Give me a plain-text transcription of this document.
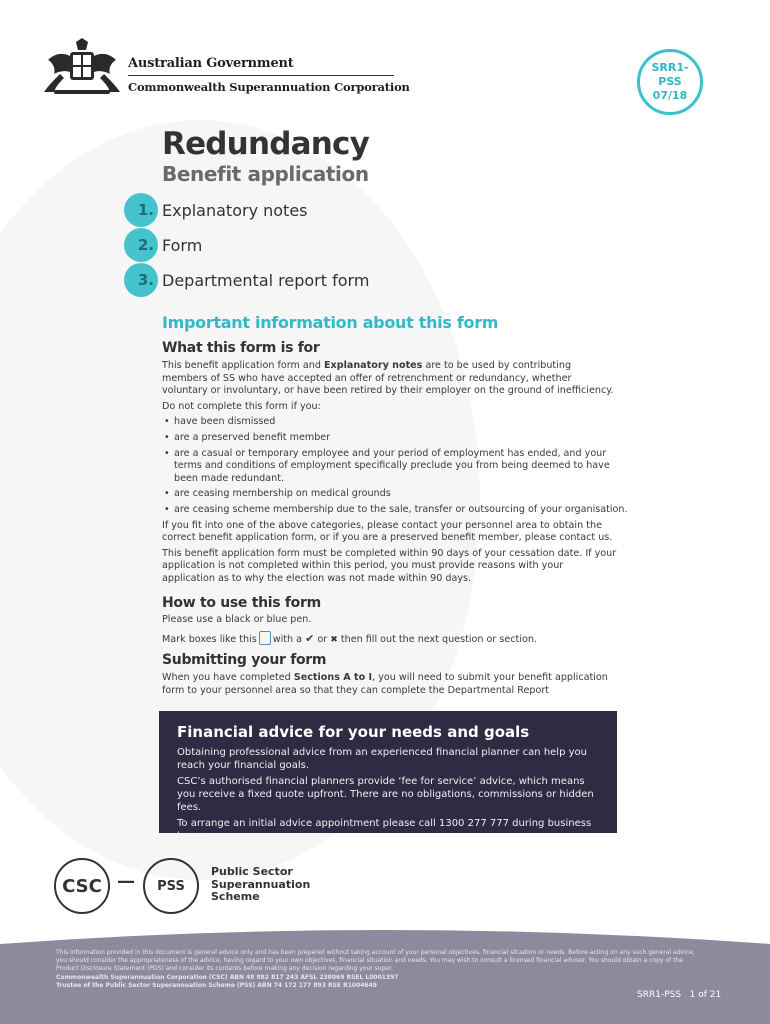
Australian Government
Commonwealth Superannuation Corporation
SRR1-
PSS
07/18
Redundancy
Benefit application
1. Explanatory notes
2. Form
3. Departmental report form
Important information about this form
What this form is for
This benefit application form and Explanatory notes are to be used by contributing members of SS who have accepted an offer of retrenchment or redundancy, whether voluntary or involuntary, or have been retired by their employer on the ground of inefficiency.
Do not complete this form if you:
• have been dismissed
• are a preserved benefit member
• are a casual or temporary employee and your period of employment has ended, and your terms and conditions of employment specifically preclude you from being deemed to have been made redundant.
• are ceasing membership on medical grounds
• are ceasing scheme membership due to the sale, transfer or outsourcing of your organisation.
If you fit into one of the above categories, please contact your personnel area to obtain the correct benefit application form, or if you are a preserved benefit member, please contact us.
This benefit application form must be completed within 90 days of your cessation date. If your application is not completed within this period, you must provide reasons with your application as to why the election was not made within 90 days.
How to use this form
Please use a black or blue pen.
Mark boxes like this with a ✔ or ✖ then fill out the next question or section.
Submitting your form
When you have completed Sections A to I, you will need to submit your benefit application form to your personnel area so that they can complete the Departmental Report
Financial advice for your needs and goals
Obtaining professional advice from an experienced financial planner can help you reach your financial goals.
CSC’s authorised financial planners provide ‘fee for service’ advice, which means you receive a fixed quote upfront. There are no obligations, commissions or hidden fees.
To arrange an initial advice appointment please call 1300 277 777 during business hours.
CSC —	PSS
Public Sector
Superannuation
Scheme
This information provided in this document is general advice only and has been prepared without taking account of your personal objectives, financial situation or needs. Before acting on any such general advice, you should consider the appropriateness of the advice, having regard to your own objectives, financial situation and needs. You may wish to consult a licensed financial adviser. You should obtain a copy of the Product Disclosure Statement (PDS) and consider its contents before making any decision regarding your super.
Commonwealth Superannuation Corporation (CSC) ABN 48 882 817 243 AFSL 238069 RSEL L0001397
Trustee of the Public Sector Superannuation Scheme (PSS) ABN 74 172 177 893 RSE R1004649
SRR1-PSS 1 of 21
